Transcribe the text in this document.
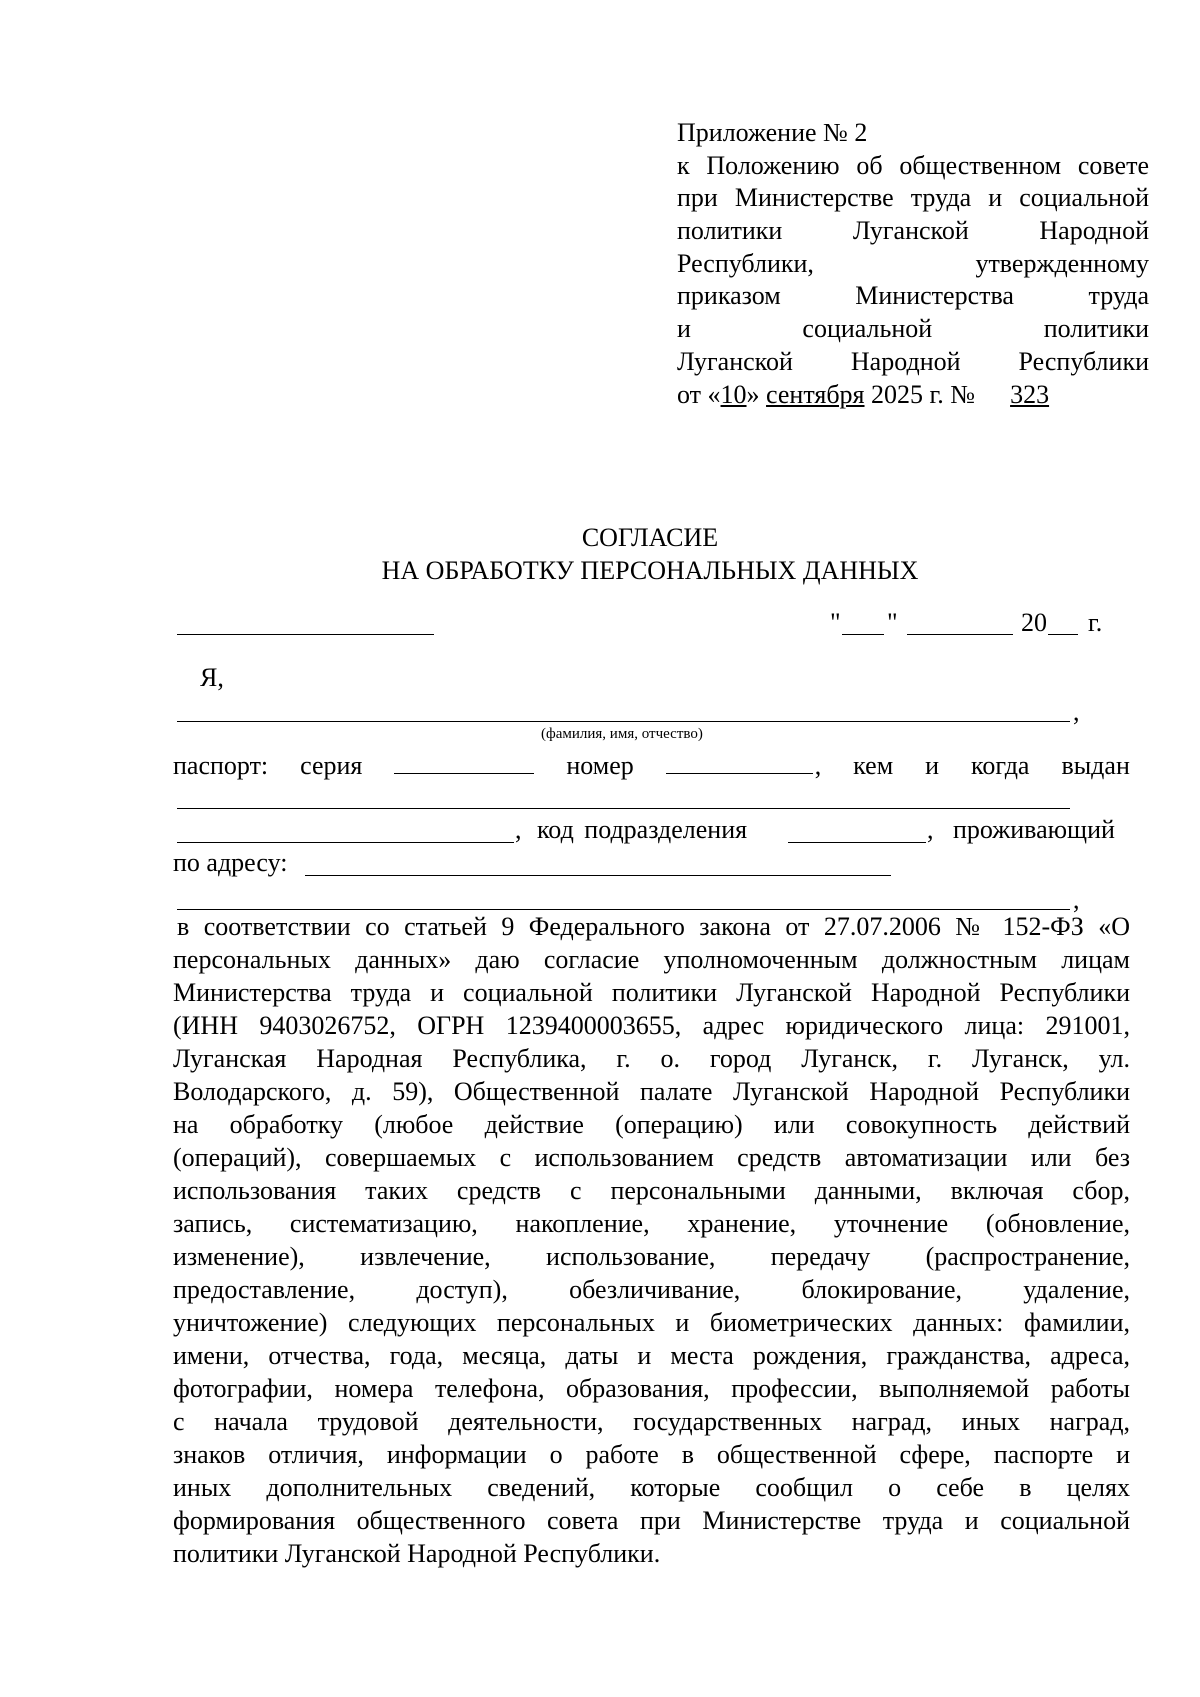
Приложение № 2
к Положению об общественном совете
при Министерстве труда и социальной
политики Луганской Народной
Республики, утвержденному
приказом Министерства труда
и социальной политики
Луганской Народной Республики
от «10» сентября 2025 г. № 323
СОГЛАСИЕ
НА ОБРАБОТКУ ПЕРСОНАЛЬНЫХ ДАННЫХ
" "	20 г.
Я,
,
(фамилия, имя, отчество)
паспорт: серия	номер	, кем и когда выдан
, код подразделения	, проживающий
по адресу:
,
в соответствии со статьей 9 Федерального закона от 27.07.2006 № 152-ФЗ «О
персональных данных» даю согласие уполномоченным должностным лицам
Министерства труда и социальной политики Луганской Народной Республики
(ИНН 9403026752, ОГРН 1239400003655, адрес юридического лица: 291001,
Луганская Народная Республика, г. о. город Луганск, г. Луганск, ул.
Володарского, д. 59), Общественной палате Луганской Народной Республики
на обработку (любое действие (операцию) или совокупность действий
(операций), совершаемых с использованием средств автоматизации или без
использования таких средств с персональными данными, включая сбор,
запись, систематизацию, накопление, хранение, уточнение (обновление,
изменение), извлечение, использование, передачу (распространение,
предоставление, доступ), обезличивание, блокирование, удаление,
уничтожение) следующих персональных и биометрических данных: фамилии,
имени, отчества, года, месяца, даты и места рождения, гражданства, адреса,
фотографии, номера телефона, образования, профессии, выполняемой работы
с начала трудовой деятельности, государственных наград, иных наград,
знаков отличия, информации о работе в общественной сфере, паспорте и
иных дополнительных сведений, которые сообщил о себе в целях
формирования общественного совета при Министерстве труда и социальной
политики Луганской Народной Республики.
